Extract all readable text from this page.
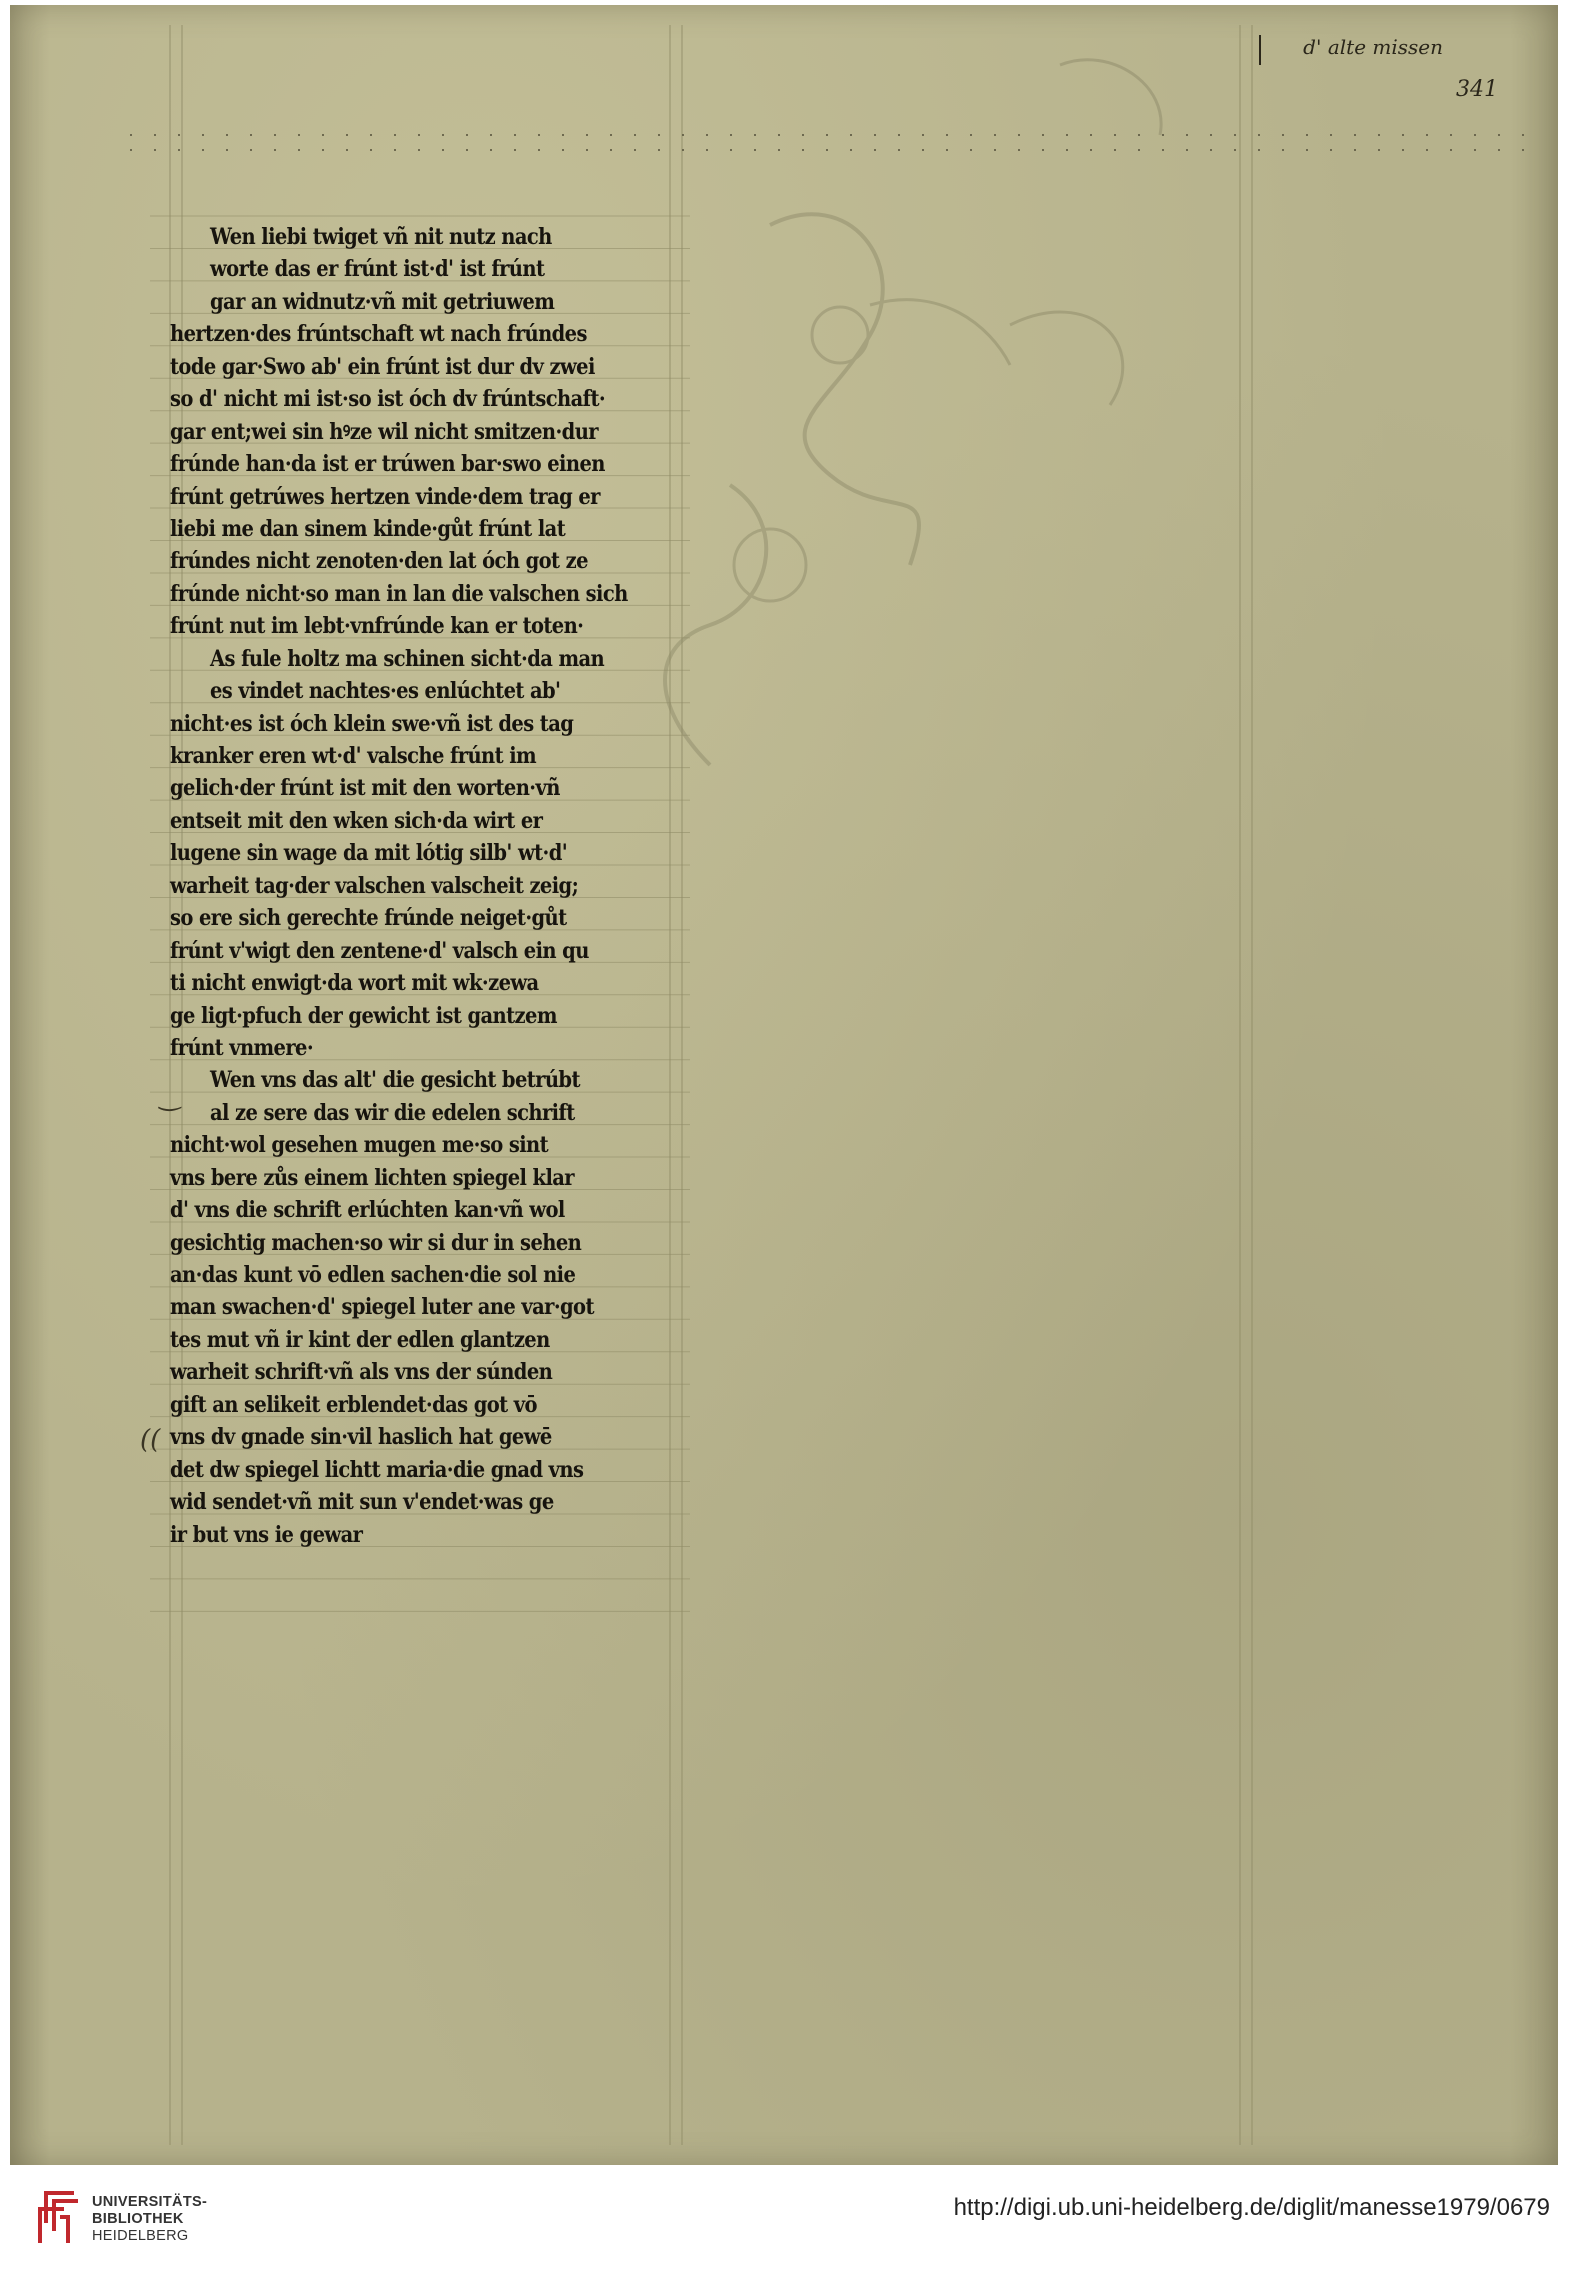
d' alte missen
341
Wen liebi twiget vñ nit nutz nach
worte das er frúnt ist·d' ist frúnt
gar an widnutz·vñ mit getriuwem
hertzen·des frúntschaft wt nach frúndes
tode gar·Swo ab' ein frúnt ist dur dv zwei
so d' nicht mi ist·so ist óch dv frúntschaft·
gar ent;wei sin hꝰze wil nicht smitzen·dur
frúnde han·da ist er trúwen bar·swo einen
frúnt getrúwes hertzen vinde·dem trag er
liebi me dan sinem kinde·gůt frúnt lat
frúndes nicht zenoten·den lat óch got ze
frúnde nicht·so man in lan die valschen sich
frúnt nut im lebt·vnfrúnde kan er toten·
As fule holtz ma schinen sicht·da man
es vindet nachtes·es enlúchtet ab'
nicht·es ist óch klein swe·vñ ist des tag
kranker eren wt·d' valsche frúnt im
gelich·der frúnt ist mit den worten·vñ
entseit mit den wken sich·da wirt er
lugene sin wage da mit lótig silb' wt·d'
warheit tag·der valschen valscheit zeig;
so ere sich gerechte frúnde neiget·gůt
frúnt v'wigt den zentene·d' valsch ein qu
ti nicht enwigt·da wort mit wk·zewa
ge ligt·pfuch der gewicht ist gantzem
frúnt vnmere·
Wen vns das alt' die gesicht betrúbt
al ze sere das wir die edelen schrift
nicht·wol gesehen mugen me·so sint
vns bere zůs einem lichten spiegel klar
d' vns die schrift erlúchten kan·vñ wol
gesichtig machen·so wir si dur in sehen
an·das kunt vō edlen sachen·die sol nie
man swachen·d' spiegel luter ane var·got
tes mut vñ ir kint der edlen glantzen
warheit schrift·vñ als vns der súnden
gift an selikeit erblendet·das got vō
vns dv gnade sin·vil haslich hat gewē
det dw spiegel lichtt maria·die gnad vns
wid sendet·vñ mit sun v'endet·was ge
ir but vns ie gewar
‿
((
UNIVERSITÄTS-
BIBLIOTHEK
HEIDELBERG
http://digi.ub.uni-heidelberg.de/diglit/manesse1979/0679
